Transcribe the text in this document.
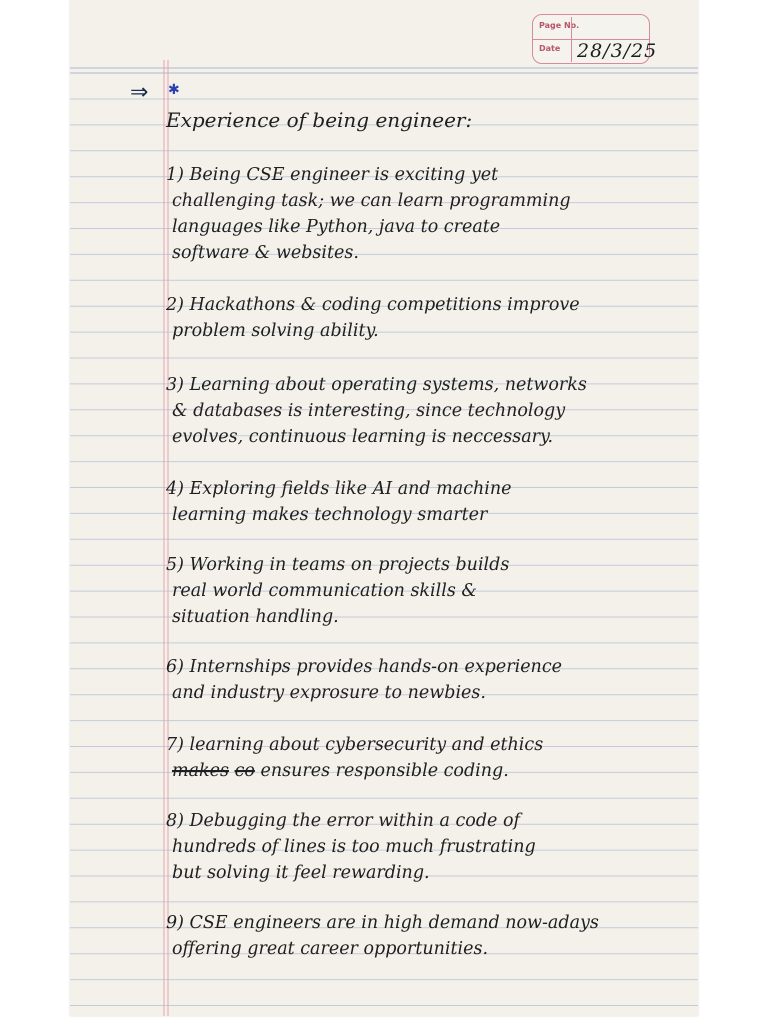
Page No.
Date 28/3/25
⇒ ✱
Experience of being engineer:
1) Being CSE engineer is exciting yet
challenging task; we can learn programming
languages like Python, java to create
software & websites.
2) Hackathons & coding competitions improve
problem solving ability.
3) Learning about operating systems, networks
& databases is interesting, since technology
evolves, continuous learning is neccessary.
4) Exploring fields like AI and machine
learning makes technology smarter
5) Working in teams on projects builds
real world communication skills &
situation handling.
6) Internships provides hands-on experience
and industry exprosure to newbies.
7) learning about cybersecurity and ethics
makes co ensures responsible coding.
8) Debugging the error within a code of
hundreds of lines is too much frustrating
but solving it feel rewarding.
9) CSE engineers are in high demand now-adays
offering great career opportunities.
